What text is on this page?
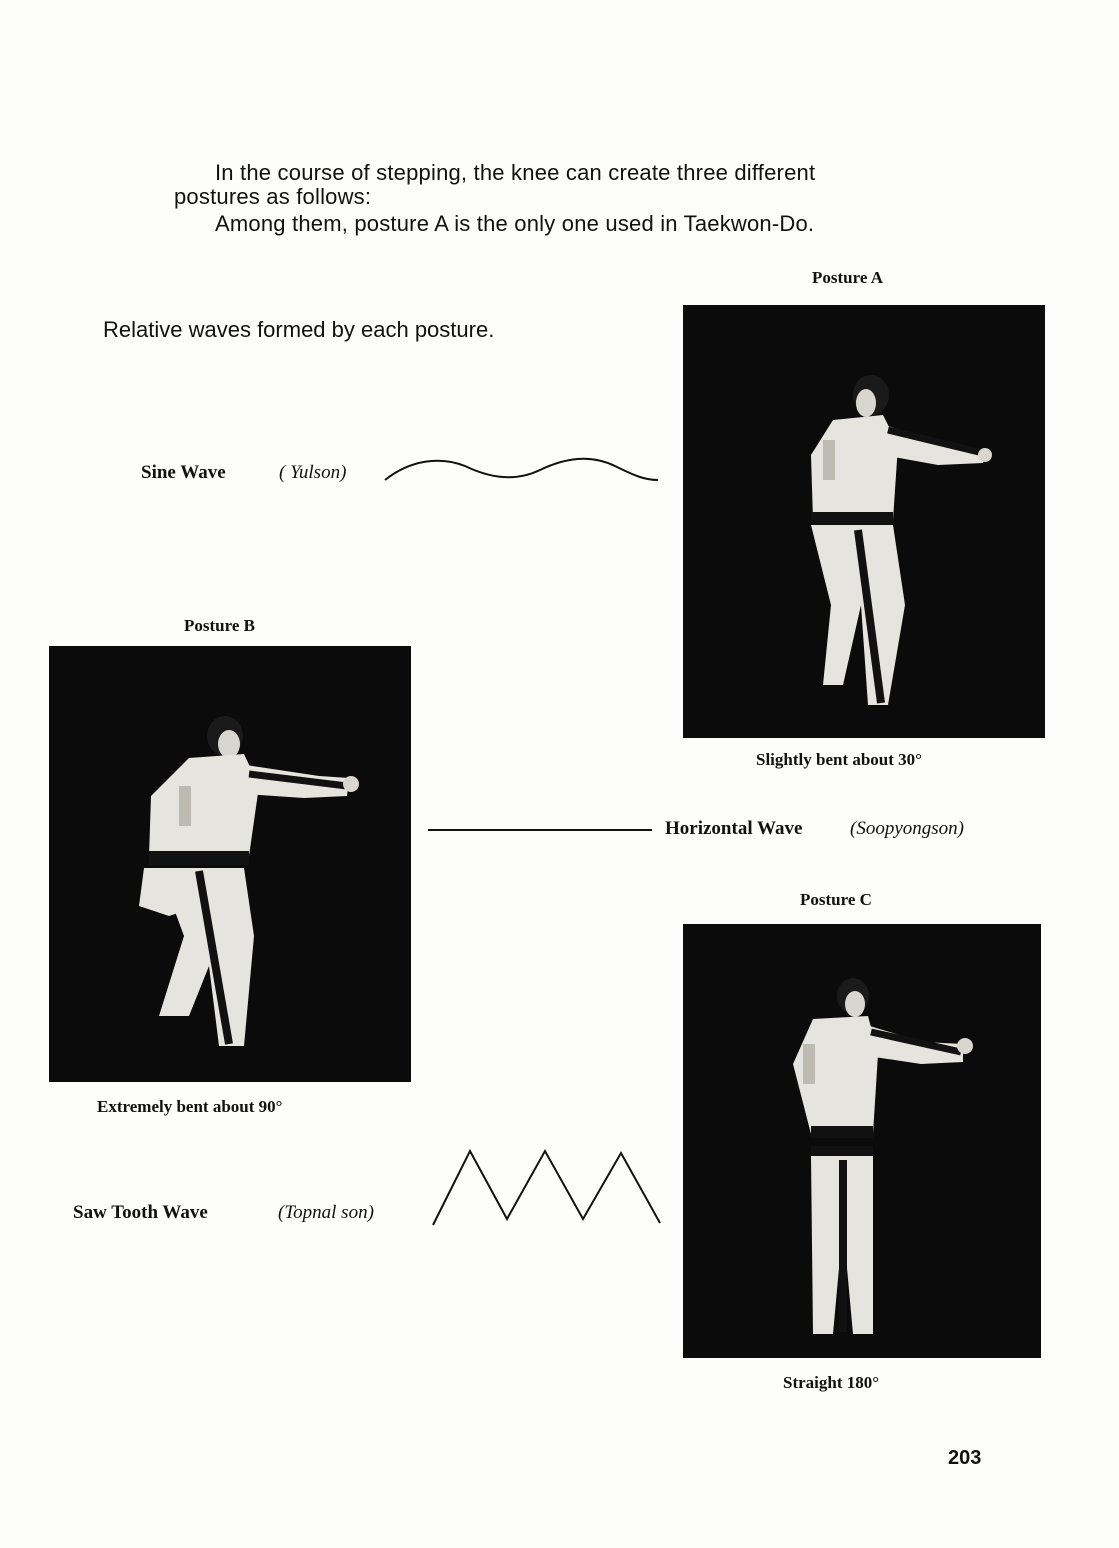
In the course of stepping, the knee can create three different
postures as follows:
Among them, posture A is the only one used in Taekwon-Do.
Relative waves formed by each posture.
Posture A
Slightly bent about 30°
Sine Wave	( Yulson)
Posture B
Extremely bent about 90°
Horizontal Wave	(Soopyongson)
Posture C
Straight 180°
Saw Tooth Wave	(Topnal son)
203
